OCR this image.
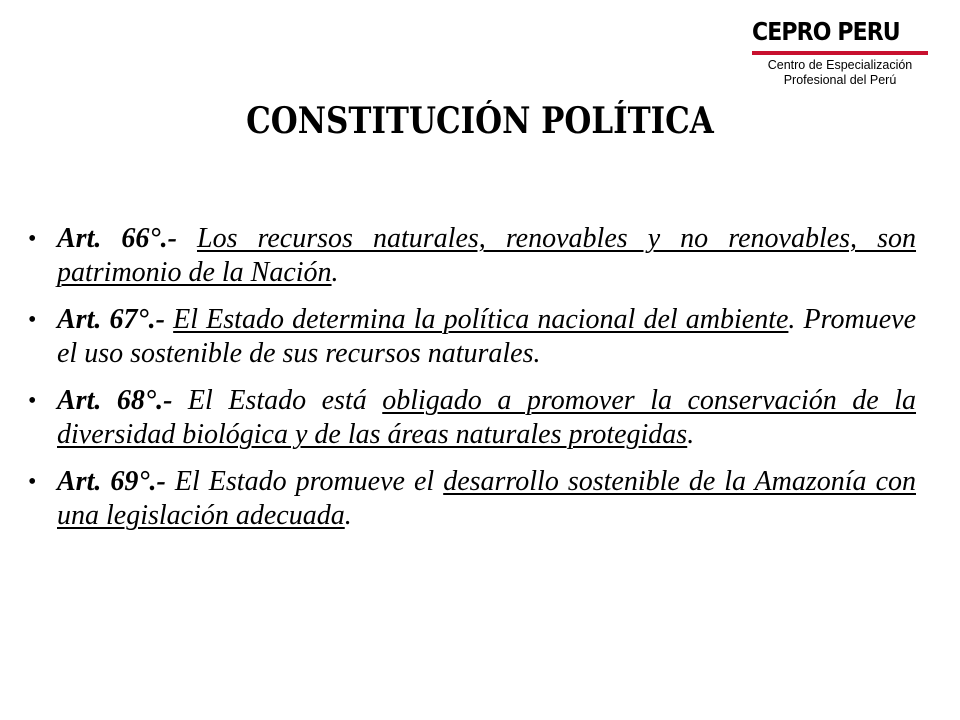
CEPRO PERU
Centro de Especialización
Profesional del Perú
CONSTITUCIÓN POLÍTICA
• Art. 66°.- Los recursos naturales, renovables y no renovables, son patrimonio de la Nación.
• Art. 67°.- El Estado determina la política nacional del ambiente. Promueve el uso sostenible de sus recursos naturales.
• Art. 68°.- El Estado está obligado a promover la conservación de la diversidad biológica y de las áreas naturales protegidas.
• Art. 69°.- El Estado promueve el desarrollo sostenible de la Amazonía con una legislación adecuada.
